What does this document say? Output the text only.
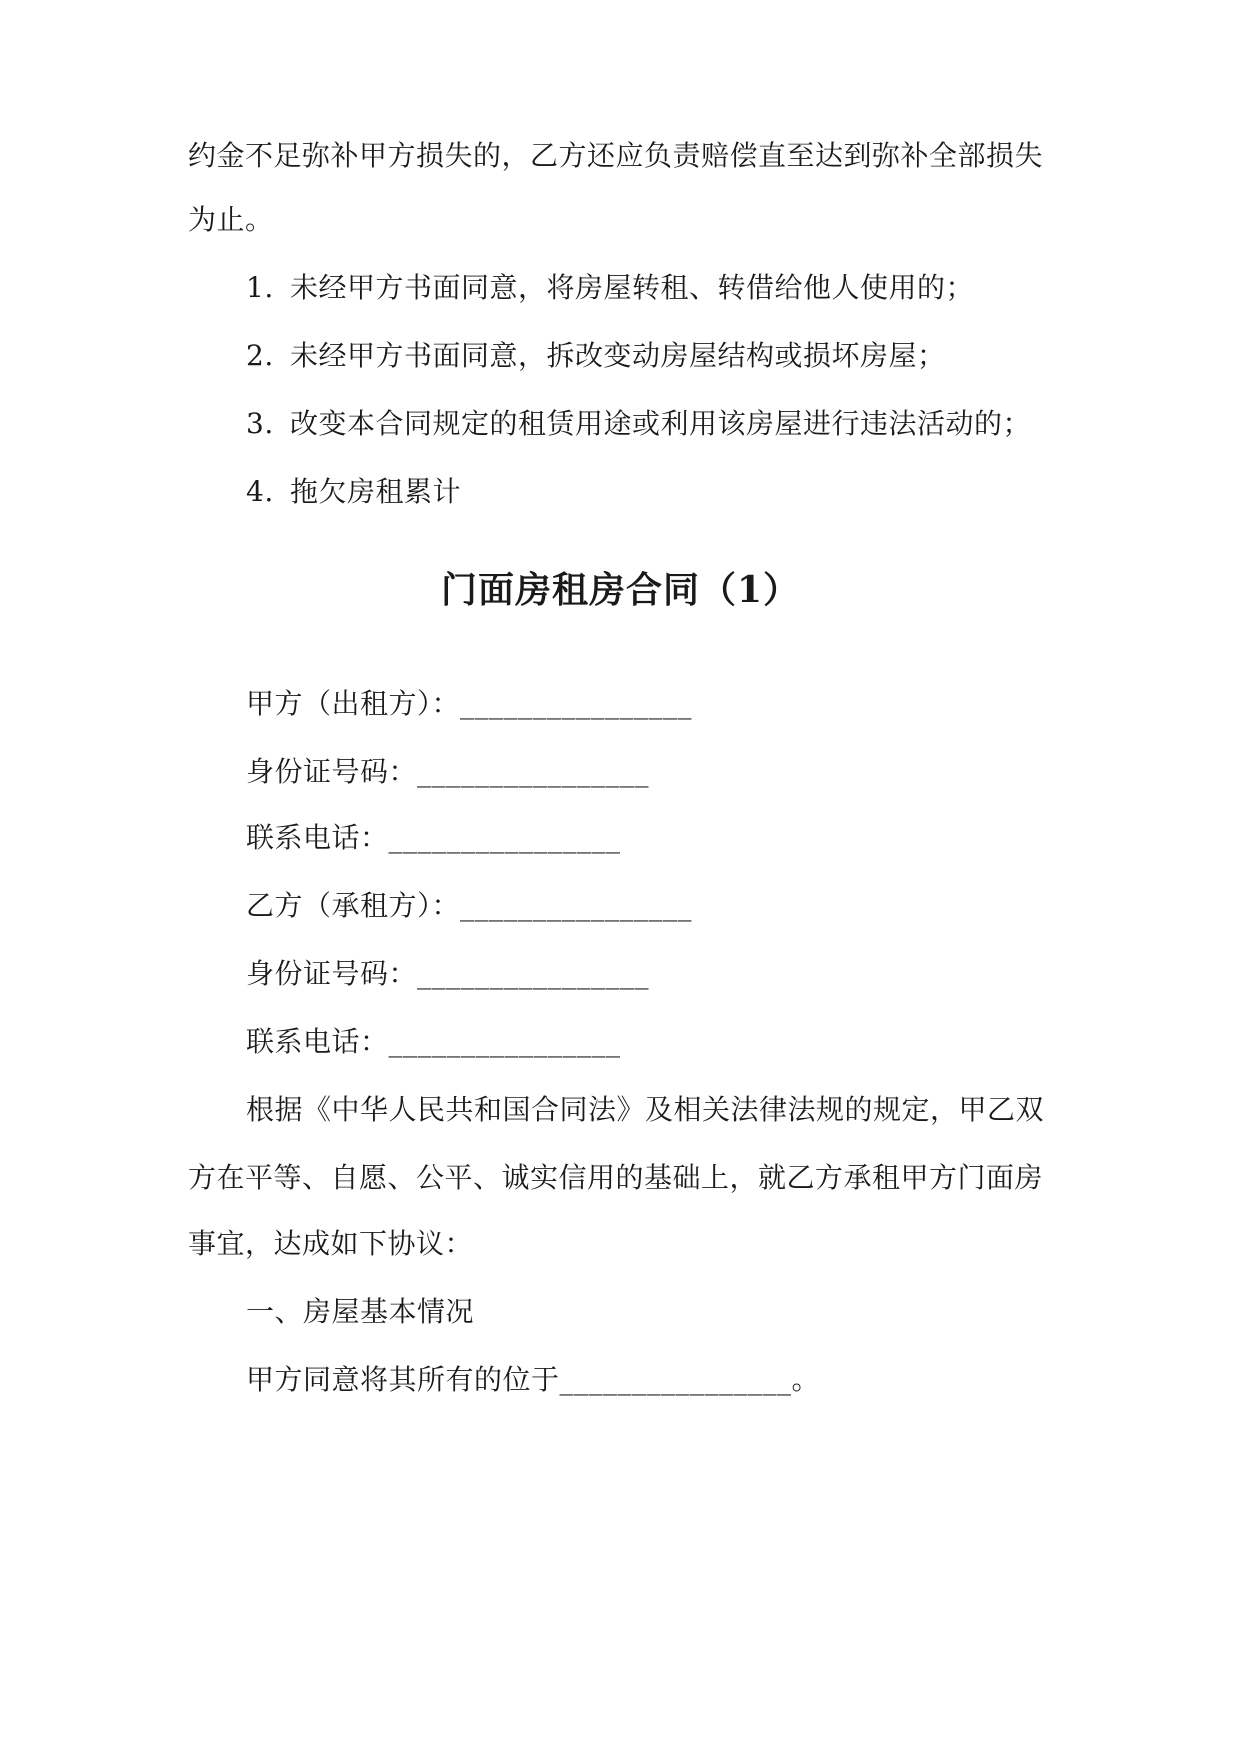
约金不足弥补甲方损失的，乙方还应负责赔偿直至达到弥补全部损失
为止。
1. 未经甲方书面同意，将房屋转租、转借给他人使用的；
2. 未经甲方书面同意，拆改变动房屋结构或损坏房屋；
3. 改变本合同规定的租赁用途或利用该房屋进行违法活动的；
4. 拖欠房租累计
门面房租房合同（1）
甲方（出租方）：________________
身份证号码：________________
联系电话：________________
乙方（承租方）：________________
身份证号码：________________
联系电话：________________
根据《中华人民共和国合同法》及相关法律法规的规定，甲乙双
方在平等、自愿、公平、诚实信用的基础上，就乙方承租甲方门面房
事宜，达成如下协议：
一、房屋基本情况
甲方同意将其所有的位于________________。
